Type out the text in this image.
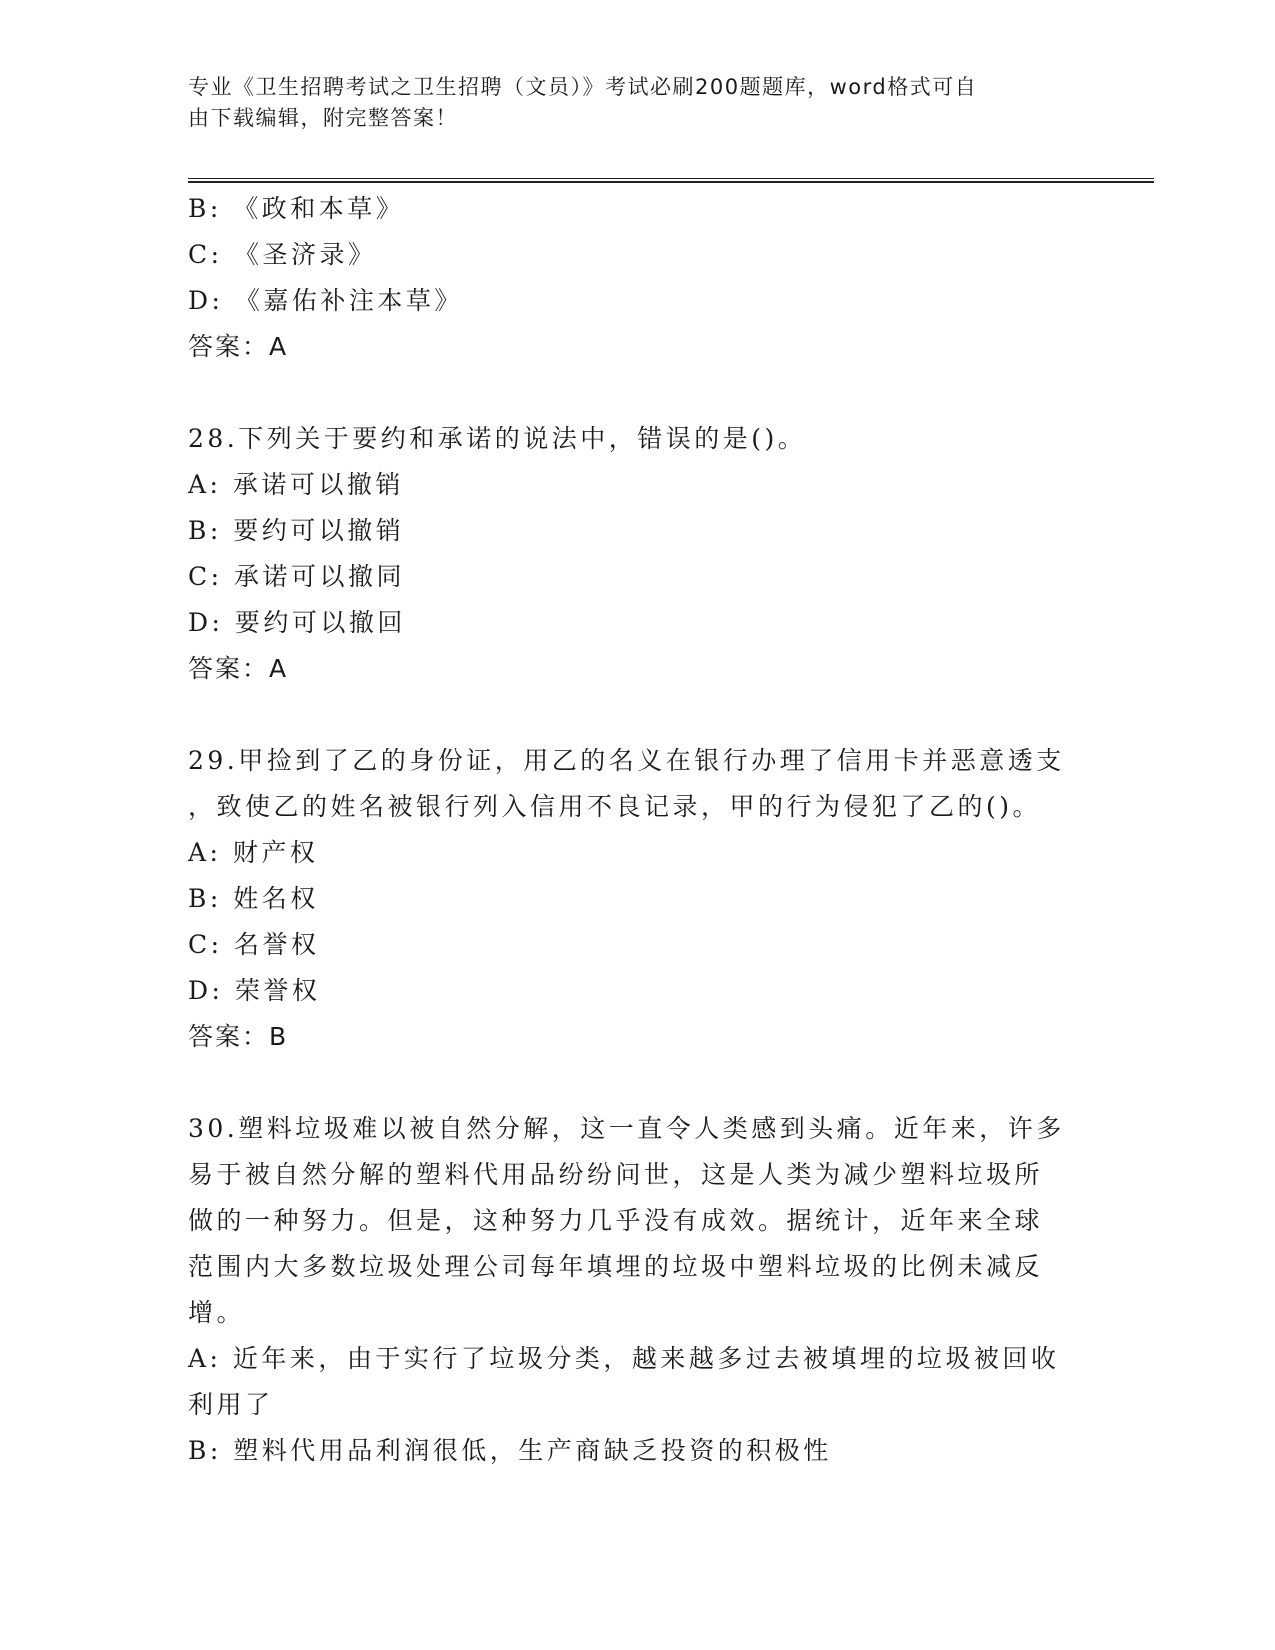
专业《卫生招聘考试之卫生招聘（文员）》考试必刷200题题库，word格式可自
由下载编辑，附完整答案！

B: 《政和本草》

C: 《圣济录》

D: 《嘉佑补注本草》

答案：A

28.下列关于要约和承诺的说法中，错误的是()。

A: 承诺可以撤销

B: 要约可以撤销

C: 承诺可以撤同

D: 要约可以撤回

答案：A

29.甲捡到了乙的身份证，用乙的名义在银行办理了信用卡并恶意透支

，致使乙的姓名被银行列入信用不良记录，甲的行为侵犯了乙的()。

A: 财产权

B: 姓名权

C: 名誉权

D: 荣誉权

答案：B

30.塑料垃圾难以被自然分解，这一直令人类感到头痛。近年来，许多

易于被自然分解的塑料代用品纷纷问世，这是人类为减少塑料垃圾所

做的一种努力。但是，这种努力几乎没有成效。据统计，近年来全球

范围内大多数垃圾处理公司每年填埋的垃圾中塑料垃圾的比例未减反

增。

A: 近年来，由于实行了垃圾分类，越来越多过去被填埋的垃圾被回收

利用了

B: 塑料代用品利润很低，生产商缺乏投资的积极性
